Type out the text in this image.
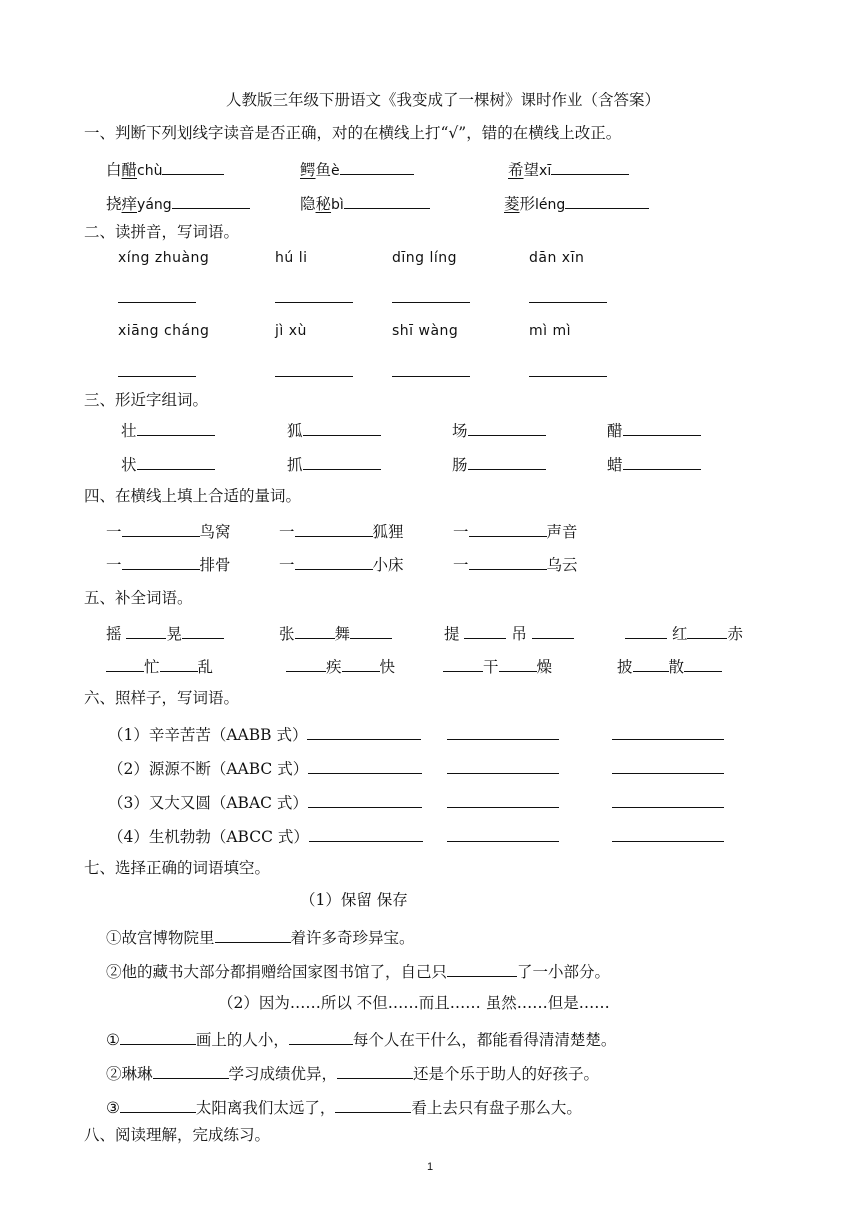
人教版三年级下册语文《我变成了一棵树》课时作业（含答案）
一、判断下列划线字读音是否正确，对的在横线上打“√”，错的在横线上改正。
白醋chù	鳄鱼è	希望xī
挠痒yáng	隐秘bì	菱形léng
二、读拼音，写词语。
xíng zhuàng	hú li	dīng líng	dān xīn
xiāng cháng	jì xù	shī wàng	mì mì
三、形近字组词。
壮	狐	场	醋
状	抓	肠	蜡
四、在横线上填上合适的量词。
一	鸟窝	一	狐狸	一	声音
一	排骨	一	小床	一	乌云
五、补全词语。
摇	晃	张	舞	提	吊	红	赤
忙 乱	疾 快	干 燥	披 散
六、照样子，写词语。
（1）辛辛苦苦（AABB 式）
（2）源源不断（AABC 式）
（3）又大又圆（ABAC 式）
（4）生机勃勃（ABCC 式）
七、选择正确的词语填空。
（1）保留 保存
①故宫博物院里	着许多奇珍异宝。
②他的藏书大部分都捐赠给国家图书馆了，自己只	了一小部分。
（2）因为……所以 不但……而且…… 虽然……但是……
①	画上的人小，	每个人在干什么，都能看得清清楚楚。
②琳琳	学习成绩优异，	还是个乐于助人的好孩子。
③	太阳离我们太远了，	看上去只有盘子那么大。
八、阅读理解，完成练习。
1
